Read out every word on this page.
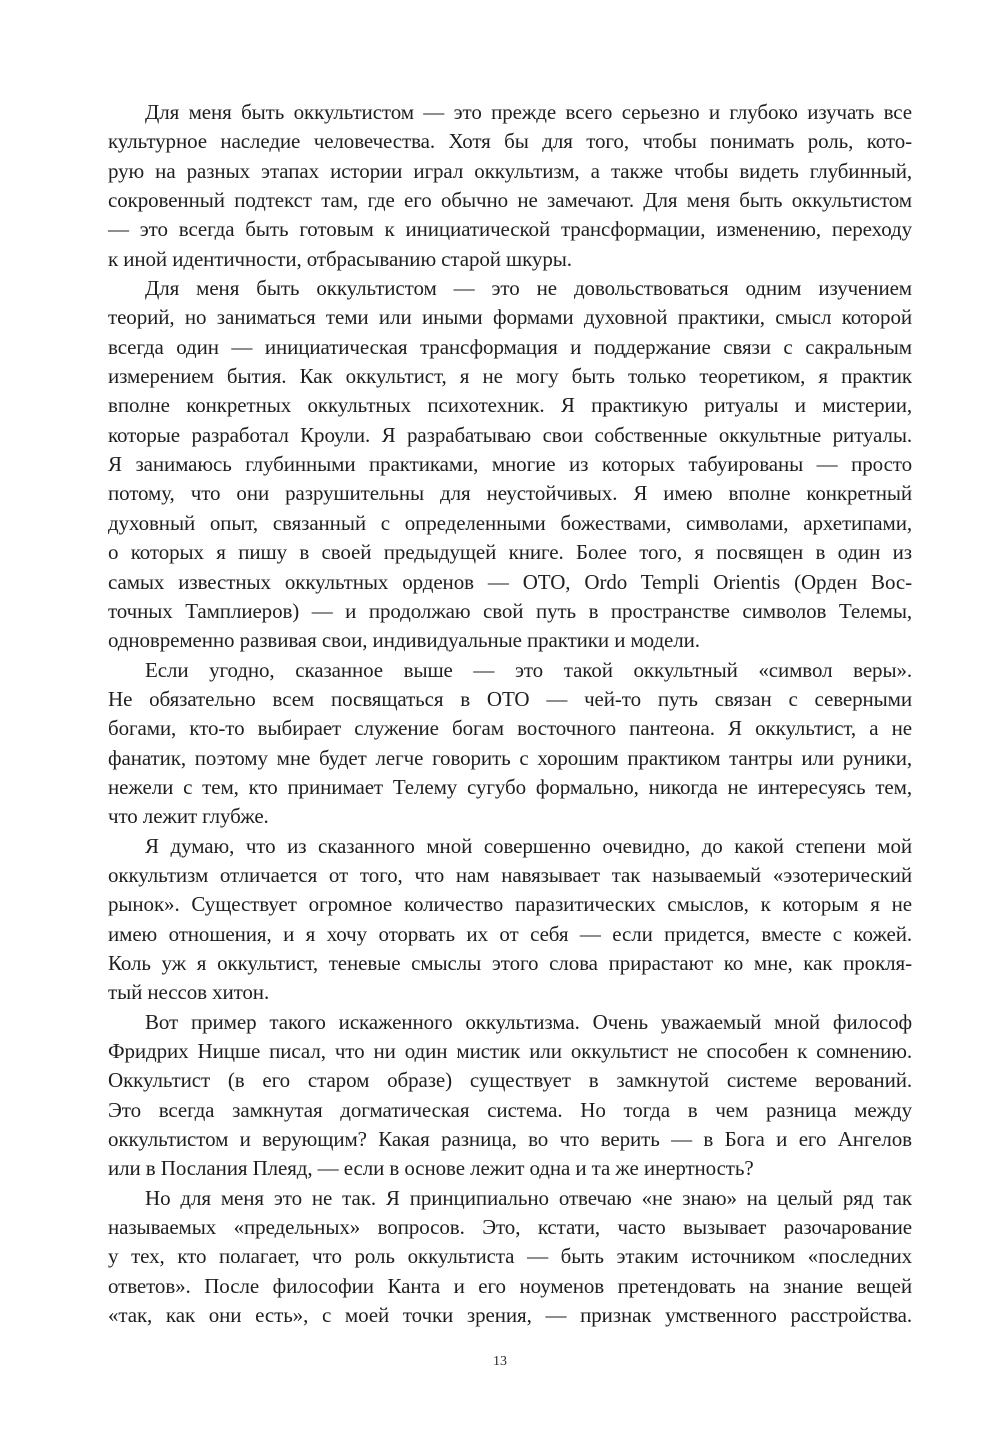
Для меня быть оккультистом — это прежде всего серьезно и глубоко изучать все
культурное наследие человечества. Хотя бы для того, чтобы понимать роль, кото-
рую на разных этапах истории играл оккультизм, а также чтобы видеть глубинный,
сокровенный подтекст там, где его обычно не замечают. Для меня быть оккультистом
— это всегда быть готовым к инициатической трансформации, изменению, переходу
к иной идентичности, отбрасыванию старой шкуры.
Для меня быть оккультистом — это не довольствоваться одним изучением
теорий, но заниматься теми или иными формами духовной практики, смысл которой
всегда один — инициатическая трансформация и поддержание связи с сакральным
измерением бытия. Как оккультист, я не могу быть только теоретиком, я практик
вполне конкретных оккультных психотехник. Я практикую ритуалы и мистерии,
которые разработал Кроули. Я разрабатываю свои собственные оккультные ритуалы.
Я занимаюсь глубинными практиками, многие из которых табуированы — просто
потому, что они разрушительны для неустойчивых. Я имею вполне конкретный
духовный опыт, связанный с определенными божествами, символами, архетипами,
о которых я пишу в своей предыдущей книге. Более того, я посвящен в один из
самых известных оккультных орденов — ОТО, Ordo Templi Orientis (Орден Вос-
точных Тамплиеров) — и продолжаю свой путь в пространстве символов Телемы,
одновременно развивая свои, индивидуальные практики и модели.
Если угодно, сказанное выше — это такой оккультный «символ веры».
Не обязательно всем посвящаться в ОТО — чей-то путь связан с северными
богами, кто-то выбирает служение богам восточного пантеона. Я оккультист, а не
фанатик, поэтому мне будет легче говорить с хорошим практиком тантры или руники,
нежели с тем, кто принимает Телему сугубо формально, никогда не интересуясь тем,
что лежит глубже.
Я думаю, что из сказанного мной совершенно очевидно, до какой степени мой
оккультизм отличается от того, что нам навязывает так называемый «эзотерический
рынок». Существует огромное количество паразитических смыслов, к которым я не
имею отношения, и я хочу оторвать их от себя — если придется, вместе с кожей.
Коль уж я оккультист, теневые смыслы этого слова прирастают ко мне, как прокля-
тый нессов хитон.
Вот пример такого искаженного оккультизма. Очень уважаемый мной философ
Фридрих Ницше писал, что ни один мистик или оккультист не способен к сомнению.
Оккультист (в его старом образе) существует в замкнутой системе верований.
Это всегда замкнутая догматическая система. Но тогда в чем разница между
оккультистом и верующим? Какая разница, во что верить — в Бога и его Ангелов
или в Послания Плеяд, — если в основе лежит одна и та же инертность?
Но для меня это не так. Я принципиально отвечаю «не знаю» на целый ряд так
называемых «предельных» вопросов. Это, кстати, часто вызывает разочарование
у тех, кто полагает, что роль оккультиста — быть этаким источником «последних
ответов». После философии Канта и его ноуменов претендовать на знание вещей
«так, как они есть», с моей точки зрения, — признак умственного расстройства.
13
